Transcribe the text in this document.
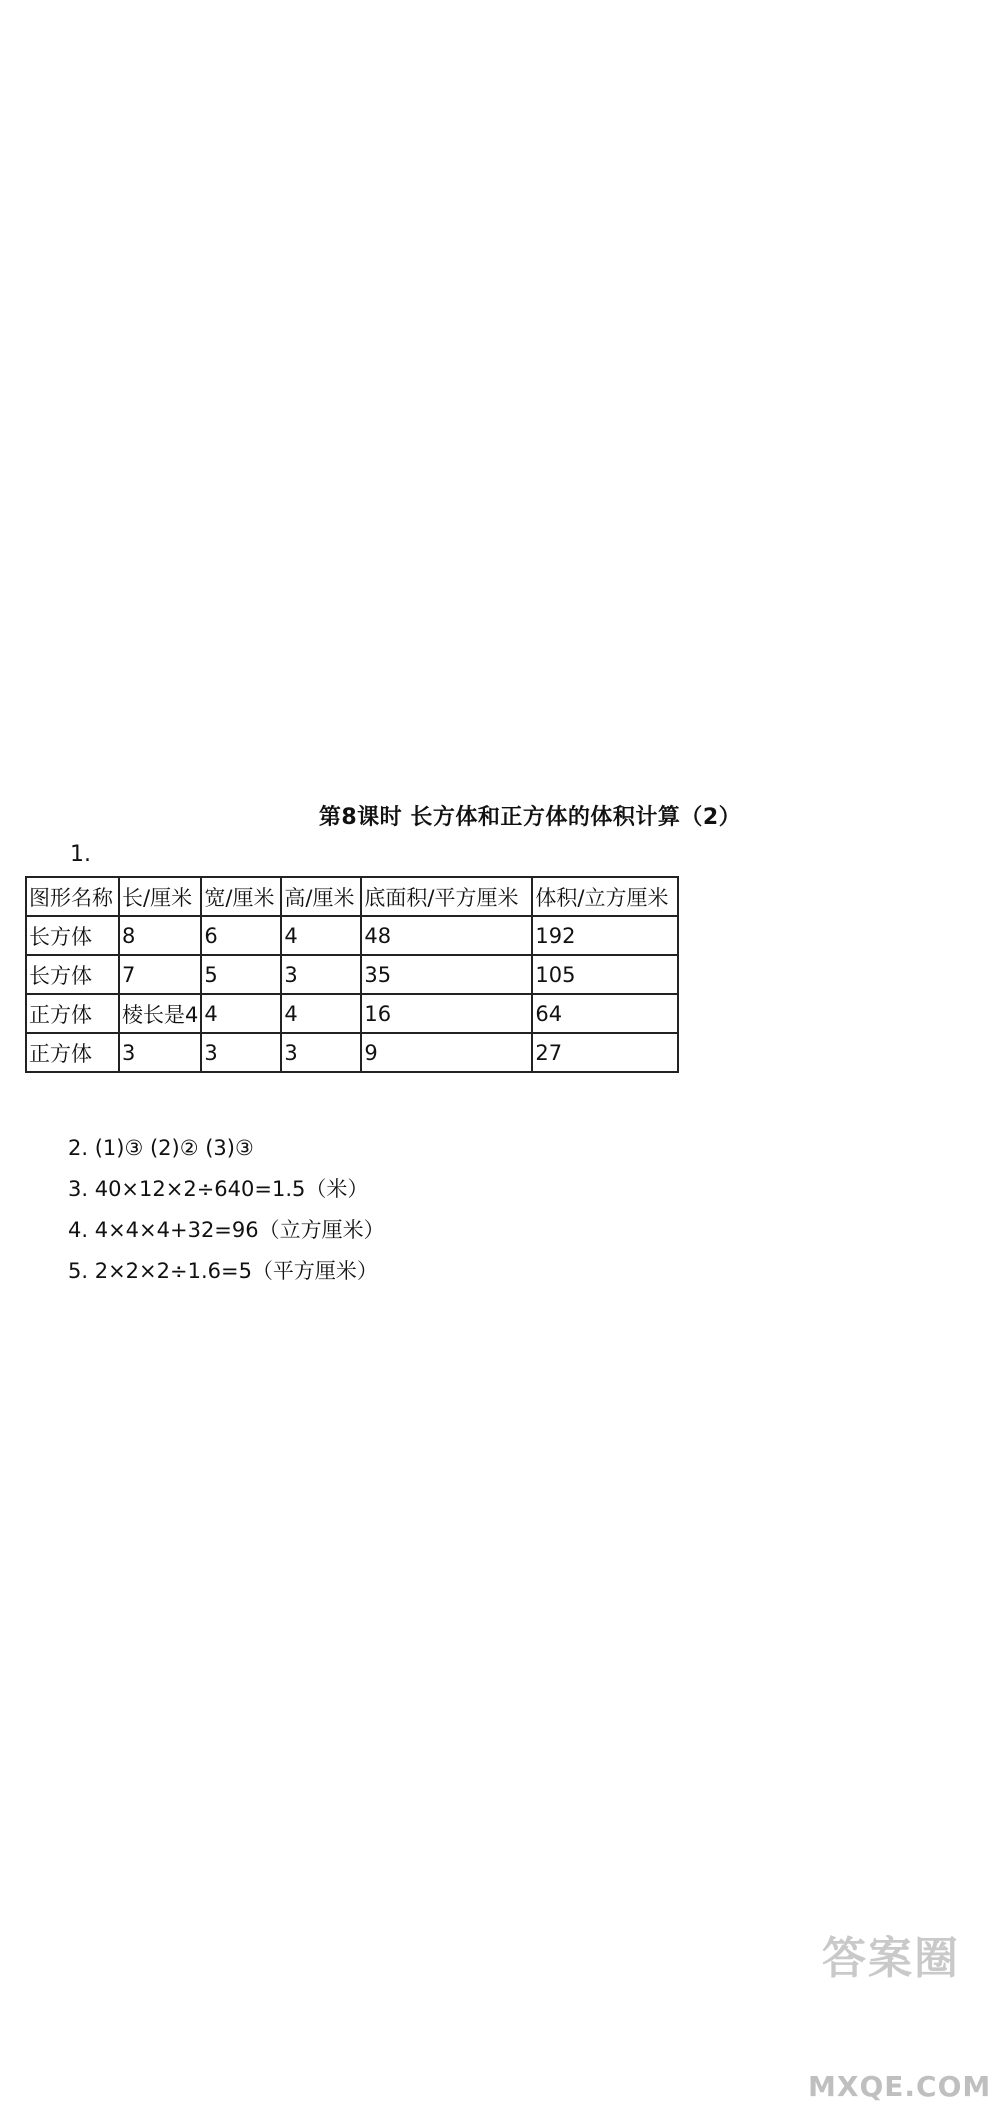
第8课时 长方体和正方体的体积计算（2）
1.
图形名称	长/厘米	宽/厘米	高/厘米	底面积/平方厘米	体积/立方厘米
长方体	8	6	4	48	192
长方体	7	5	3	35	105
正方体	棱长是4	4	4	16	64
正方体	3	3	3	9	27
2. (1)③ (2)② (3)③
3. 40×12×2÷640=1.5（米）
4. 4×4×4+32=96（立方厘米）
5. 2×2×2÷1.6=5（平方厘米）
答案圈
MXQE.COM
